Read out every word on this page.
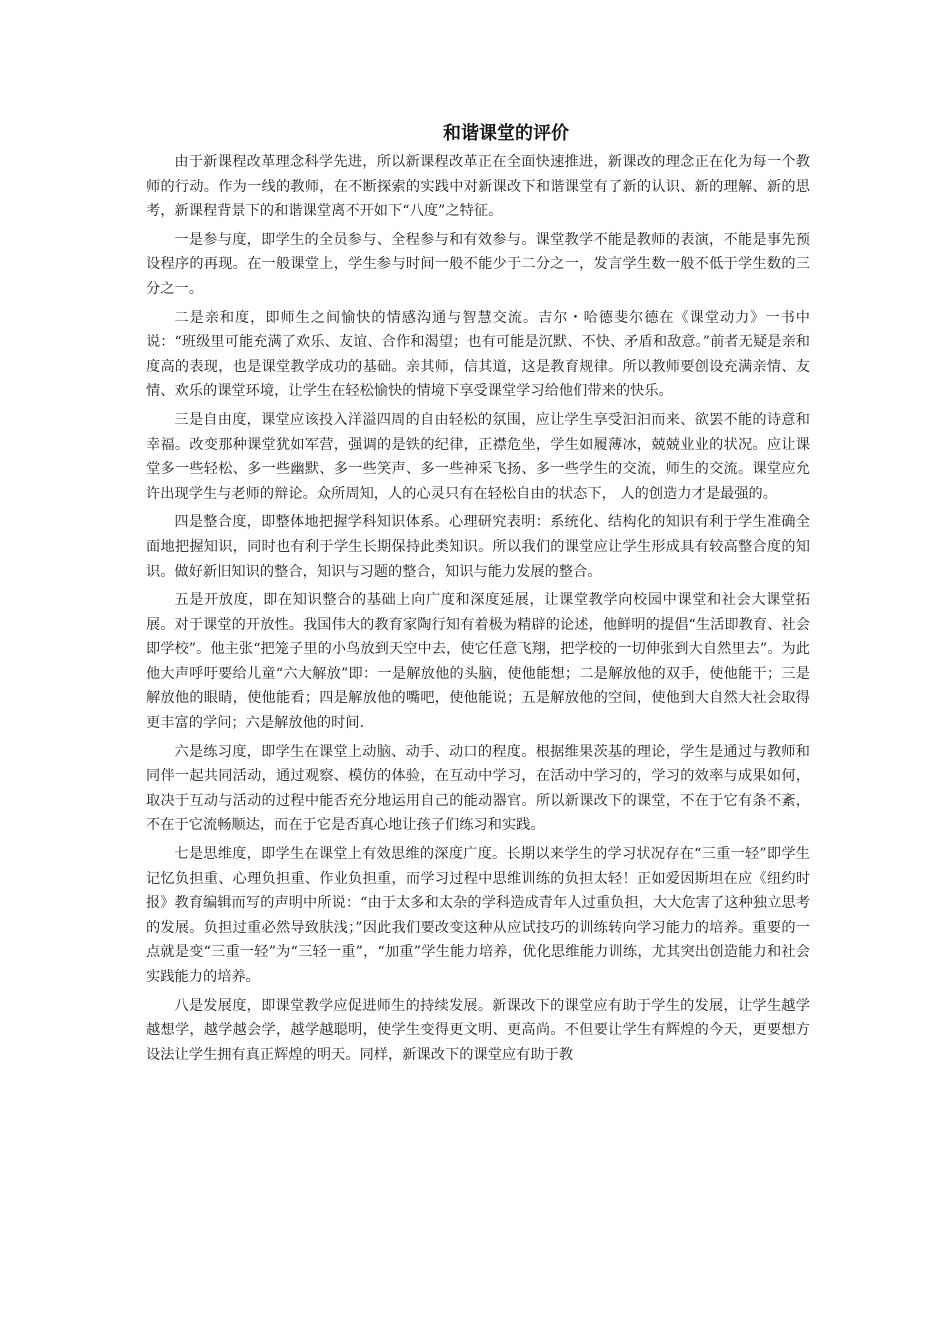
和谐课堂的评价

由于新课程改革理念科学先进，所以新课程改革正在全面快速推进，新课改的理念正在化为每一个教师的行动。作为一线的教师，在不断探索的实践中对新课改下和谐课堂有了新的认识、新的理解、新的思考，新课程背景下的和谐课堂离不开如下“八度”之特征。

一是参与度，即学生的全员参与、全程参与和有效参与。课堂教学不能是教师的表演，不能是事先预设程序的再现。在一般课堂上，学生参与时间一般不能少于二分之一，发言学生数一般不低于学生数的三分之一。

二是亲和度，即师生之间愉快的情感沟通与智慧交流。吉尔・哈德斐尔德在《课堂动力》一书中说：“班级里可能充满了欢乐、友谊、合作和渴望；也有可能是沉默、不快、矛盾和敌意。”前者无疑是亲和度高的表现，也是课堂教学成功的基础。亲其师，信其道，这是教育规律。所以教师要创设充满亲情、友情、欢乐的课堂环境，让学生在轻松愉快的情境下享受课堂学习给他们带来的快乐。

三是自由度，课堂应该投入洋溢四周的自由轻松的氛围，应让学生享受汩汩而来、欲罢不能的诗意和幸福。改变那种课堂犹如军营，强调的是铁的纪律，正襟危坐，学生如履薄冰，兢兢业业的状况。应让课堂多一些轻松、多一些幽默、多一些笑声、多一些神采飞扬、多一些学生的交流，师生的交流。课堂应允许出现学生与老师的辩论。众所周知，人的心灵只有在轻松自由的状态下， 人的创造力才是最强的。

四是整合度，即整体地把握学科知识体系。心理研究表明：系统化、结构化的知识有利于学生准确全面地把握知识，同时也有利于学生长期保持此类知识。所以我们的课堂应让学生形成具有较高整合度的知识。做好新旧知识的整合，知识与习题的整合，知识与能力发展的整合。

五是开放度，即在知识整合的基础上向广度和深度延展，让课堂教学向校园中课堂和社会大课堂拓展。对于课堂的开放性。我国伟大的教育家陶行知有着极为精辟的论述，他鲜明的提倡“生活即教育、社会即学校”。他主张“把笼子里的小鸟放到天空中去，使它任意飞翔，把学校的一切伸张到大自然里去”。为此他大声呼吁要给儿童“六大解放”即：一是解放他的头脑，使他能想；二是解放他的双手，使他能干；三是解放他的眼睛，使他能看；四是解放他的嘴吧，使他能说；五是解放他的空间，使他到大自然大社会取得更丰富的学问；六是解放他的时间.

六是练习度，即学生在课堂上动脑、动手、动口的程度。根据维果茨基的理论，学生是通过与教师和同伴一起共同活动，通过观察、模仿的体验，在互动中学习，在活动中学习的，学习的效率与成果如何，取决于互动与活动的过程中能否充分地运用自己的能动器官。所以新课改下的课堂，不在于它有条不紊，不在于它流畅顺达，而在于它是否真心地让孩子们练习和实践。

七是思维度，即学生在课堂上有效思维的深度广度。长期以来学生的学习状况存在“三重一轻”即学生记忆负担重、心理负担重、作业负担重，而学习过程中思维训练的负担太轻！正如爱因斯坦在应《纽约时报》教育编辑而写的声明中所说：“由于太多和太杂的学科造成青年人过重负担，大大危害了这种独立思考的发展。负担过重必然导致肤浅；”因此我们要改变这种从应试技巧的训练转向学习能力的培养。重要的一点就是变“三重一轻”为“三轻一重”，“加重”学生能力培养，优化思维能力训练，尤其突出创造能力和社会实践能力的培养。

八是发展度，即课堂教学应促进师生的持续发展。新课改下的课堂应有助于学生的发展，让学生越学越想学，越学越会学，越学越聪明，使学生变得更文明、更高尚。不但要让学生有辉煌的今天，更要想方设法让学生拥有真正辉煌的明天。同样，新课改下的课堂应有助于教
